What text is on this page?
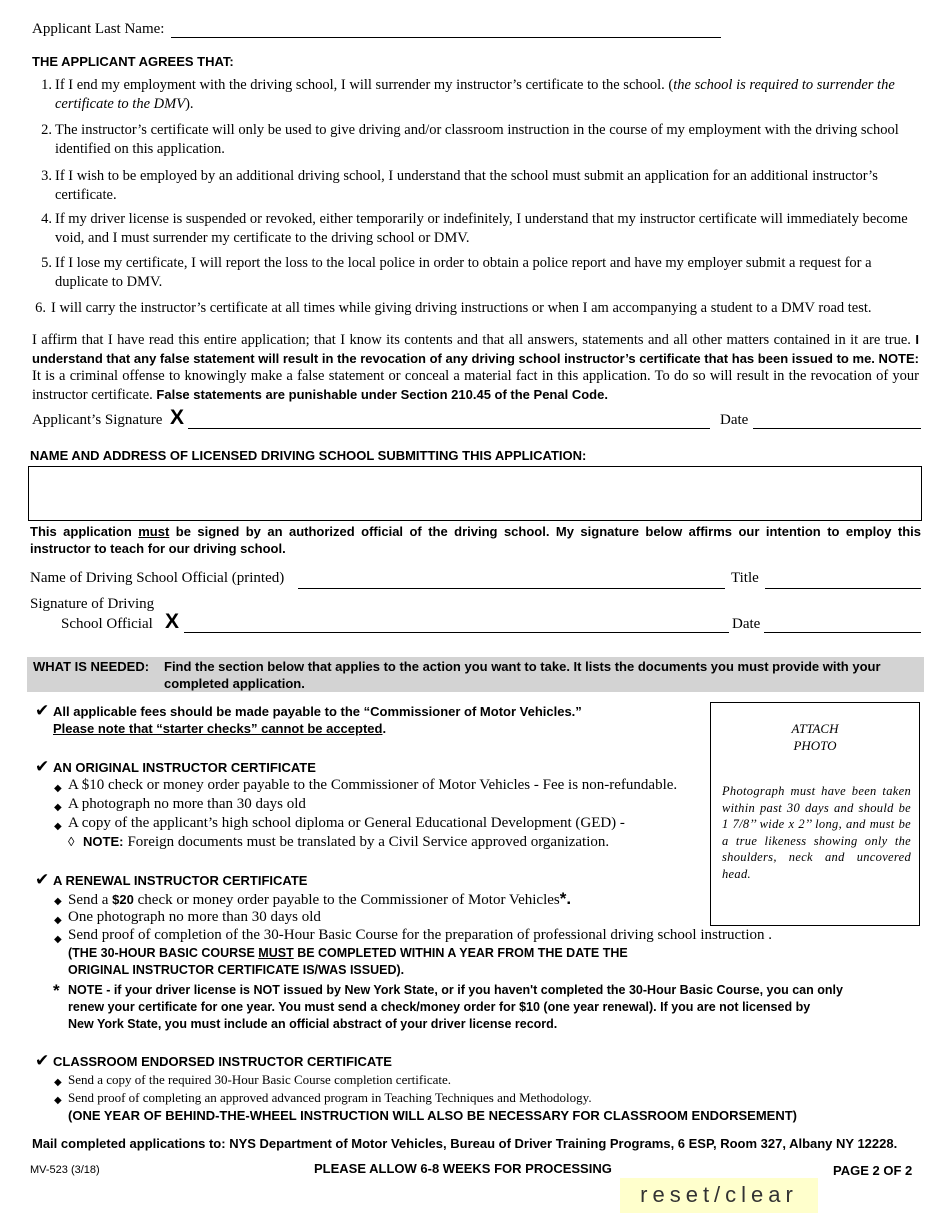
Applicant Last Name:
THE APPLICANT AGREES THAT:
1. If I end my employment with the driving school, I will surrender my instructor’s certificate to the school. (the school is required to surrender the certificate to the DMV).
2. The instructor’s certificate will only be used to give driving and/or classroom instruction in the course of my employment with the driving school identified on this application.
3. If I wish to be employed by an additional driving school, I understand that the school must submit an application for an additional instructor’s certificate.
4. If my driver license is suspended or revoked, either temporarily or indefinitely, I understand that my instructor certificate will immediately become void, and I must surrender my certificate to the driving school or DMV.
5. If I lose my certificate, I will report the loss to the local police in order to obtain a police report and have my employer submit a request for a duplicate to DMV.
6. I will carry the instructor’s certificate at all times while giving driving instructions or when I am accompanying a student to a DMV road test.
I affirm that I have read this entire application; that I know its contents and that all answers, statements and all other matters contained in it are true. I understand that any false statement will result in the revocation of any driving school instructor’s certificate that has been issued to me. NOTE: It is a criminal offense to knowingly make a false statement or conceal a material fact in this application. To do so will result in the revocation of your instructor certificate. False statements are punishable under Section 210.45 of the Penal Code.
Applicant’s Signature X	Date
NAME AND ADDRESS OF LICENSED DRIVING SCHOOL SUBMITTING THIS APPLICATION:
This application must be signed by an authorized official of the driving school. My signature below affirms our intention to employ this instructor to teach for our driving school.
Name of Driving School Official (printed)	Title
Signature of Driving
School Official X	Date
WHAT IS NEEDED: Find the section below that applies to the action you want to take. It lists the documents you must provide with your completed application.
✔ All applicable fees should be made payable to the “Commissioner of Motor Vehicles.”
Please note that “starter checks” cannot be accepted.	ATTACH
PHOTO
Photograph must have been taken within past 30 days and should be 1 7/8’’ wide x 2’’ long, and must be a true likeness showing only the shoulders, neck and uncovered head.
✔ AN ORIGINAL INSTRUCTOR CERTIFICATE
◆ A $10 check or money order payable to the Commissioner of Motor Vehicles - Fee is non-refundable.
◆ A photograph no more than 30 days old
◆ A copy of the applicant’s high school diploma or General Educational Development (GED) -
◊ NOTE: Foreign documents must be translated by a Civil Service approved organization.
✔ A RENEWAL INSTRUCTOR CERTIFICATE
◆ Send a $20 check or money order payable to the Commissioner of Motor Vehicles*.
◆ One photograph no more than 30 days old
◆ Send proof of completion of the 30-Hour Basic Course for the preparation of professional driving school instruction .
(THE 30-HOUR BASIC COURSE MUST BE COMPLETED WITHIN A YEAR FROM THE DATE THE
ORIGINAL INSTRUCTOR CERTIFICATE IS/WAS ISSUED).
* NOTE - if your driver license is NOT issued by New York State, or if you haven't completed the 30-Hour Basic Course, you can only
renew your certificate for one year. You must send a check/money order for $10 (one year renewal). If you are not licensed by
New York State, you must include an official abstract of your driver license record.
✔ CLASSROOM ENDORSED INSTRUCTOR CERTIFICATE
◆ Send a copy of the required 30-Hour Basic Course completion certificate.
◆ Send proof of completing an approved advanced program in Teaching Techniques and Methodology.
(ONE YEAR OF BEHIND-THE-WHEEL INSTRUCTION WILL ALSO BE NECESSARY FOR CLASSROOM ENDORSEMENT)
Mail completed applications to: NYS Department of Motor Vehicles, Bureau of Driver Training Programs, 6 ESP, Room 327, Albany NY 12228.
MV-523 (3/18)	PLEASE ALLOW 6-8 WEEKS FOR PROCESSING	PAGE 2 OF 2
reset/clear
